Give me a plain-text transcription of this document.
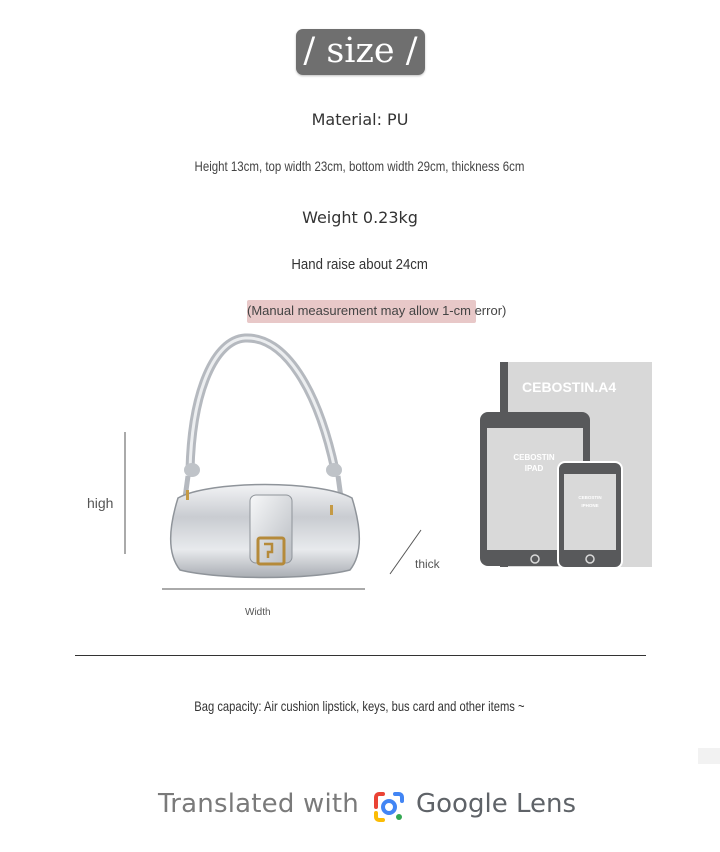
/ size /
Material: PU
Height 13cm, top width 23cm, bottom width 29cm, thickness 6cm
Weight 0.23kg
Hand raise about 24cm
(Manual measurement may allow 1-cm error)
high
thick
Width
CEBOSTIN.A4
CEBOSTIN
IPAD
CEBOSTIN
IPHONE
Bag capacity: Air cushion lipstick, keys, bus card and other items ~
Translated with Google Lens
